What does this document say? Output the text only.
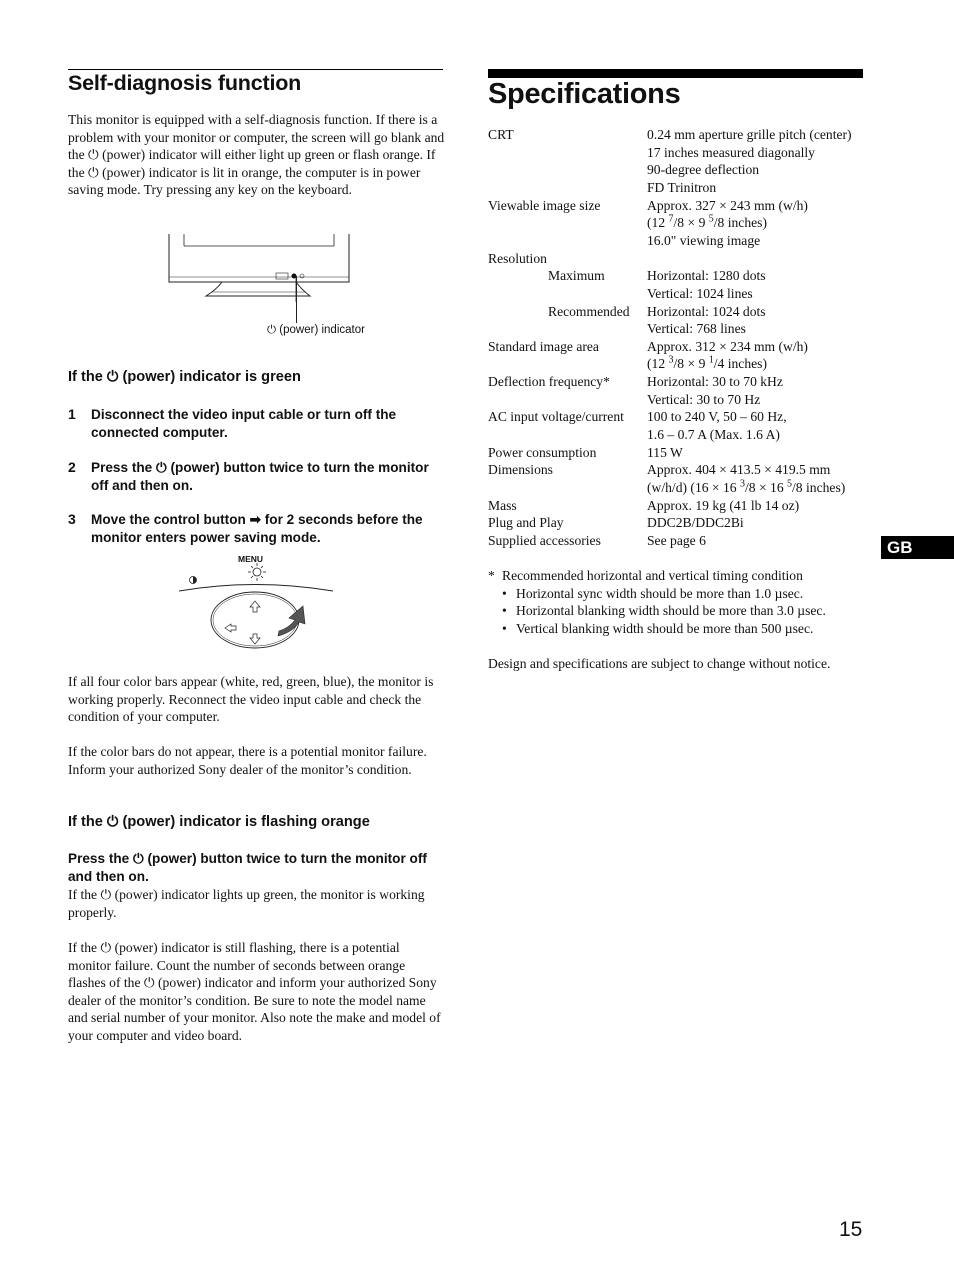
Self-diagnosis function
This monitor is equipped with a self-diagnosis function. If there is a problem with your monitor or computer, the screen will go blank and the ⏻ (power) indicator will either light up green or flash orange. If the ⏻ (power) indicator is lit in orange, the computer is in power saving mode. Try pressing any key on the keyboard.
⏻ (power) indicator
If the ⏻ (power) indicator is green
1 Disconnect the video input cable or turn off the connected computer.
2 Press the ⏻ (power) button twice to turn the monitor off and then on.
3 Move the control button ➡ for 2 seconds before the monitor enters power saving mode.
MENU
If all four color bars appear (white, red, green, blue), the monitor is working properly. Reconnect the video input cable and check the condition of your computer.
If the color bars do not appear, there is a potential monitor failure. Inform your authorized Sony dealer of the monitor’s condition.
If the ⏻ (power) indicator is flashing orange
Press the ⏻ (power) button twice to turn the monitor off and then on.
If the ⏻ (power) indicator lights up green, the monitor is working properly.
If the ⏻ (power) indicator is still flashing, there is a potential monitor failure. Count the number of seconds between orange flashes of the ⏻ (power) indicator and inform your authorized Sony dealer of the monitor’s condition. Be sure to note the model name and serial number of your monitor. Also note the make and model of your computer and video board.
Specifications
CRT	0.24 mm aperture grille pitch (center)
17 inches measured diagonally
90-degree deflection
FD Trinitron
Viewable image size	Approx. 327 × 243 mm (w/h)
(12 $^7$/8 × 9 $^5$/8 inches)
16.0" viewing image
Resolution
Maximum	Horizontal: 1280 dots
Vertical: 1024 lines
Recommended Horizontal: 1024 dots
Vertical: 768 lines
Standard image area	Approx. 312 × 234 mm (w/h)
(12 $^3$/8 × 9 $^1$/4 inches)
Deflection frequency*	Horizontal: 30 to 70 kHz
Vertical: 30 to 70 Hz
AC input voltage/current 100 to 240 V, 50 – 60 Hz,
1.6 – 0.7 A (Max. 1.6 A)
Power consumption	115 W
Dimensions	Approx. 404 × 413.5 × 419.5 mm
(w/h/d) (16 × 16 $^3$/8 × 16 $^5$/8 inches)
Mass	Approx. 19 kg (41 lb 14 oz)
Plug and Play	DDC2B/DDC2Bi
Supplied accessories	See page 6
* Recommended horizontal and vertical timing condition
• Horizontal sync width should be more than 1.0 µsec.
• Horizontal blanking width should be more than 3.0 µsec.
• Vertical blanking width should be more than 500 µsec.
Design and specifications are subject to change without notice.
GB
15
